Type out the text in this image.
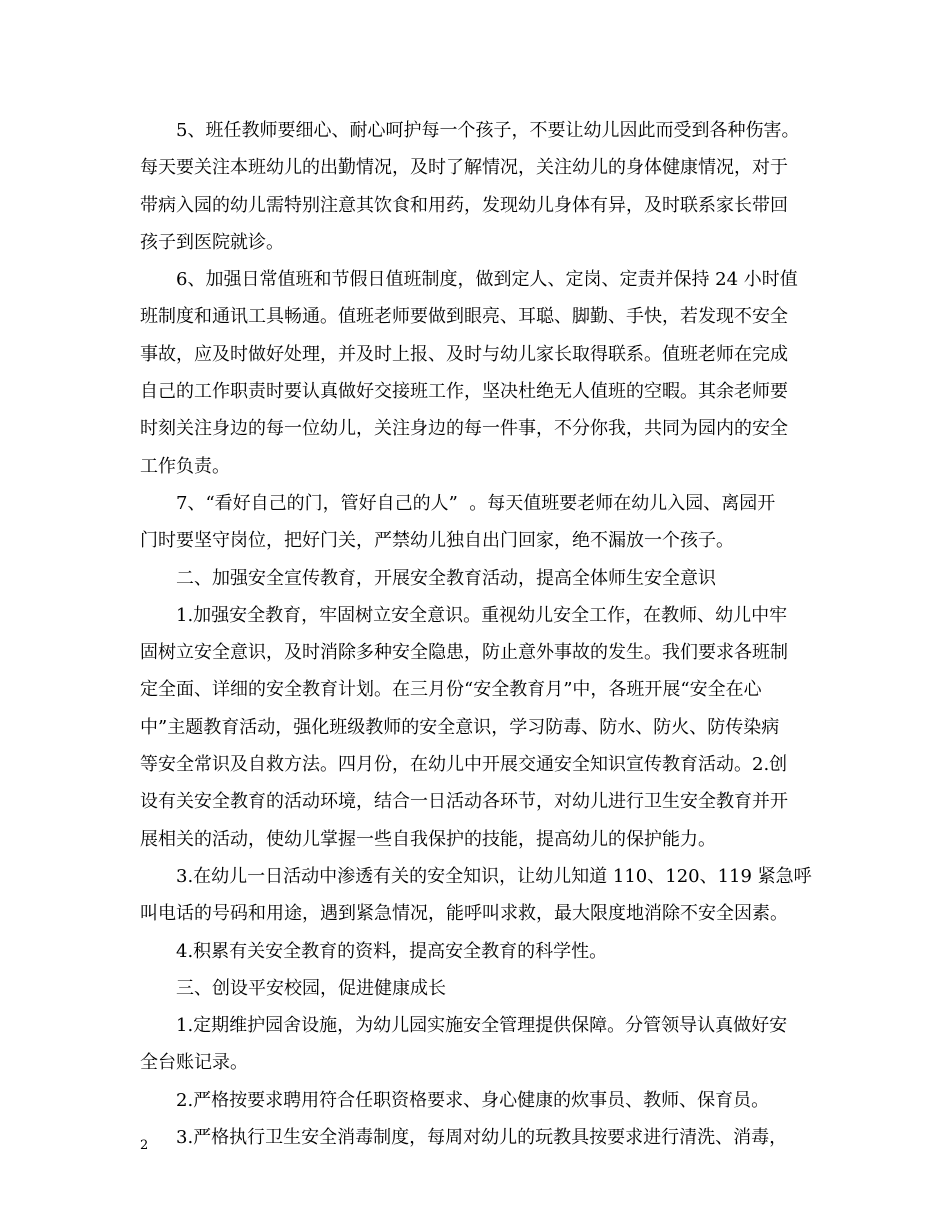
5、班任教师要细心、耐心呵护每一个孩子，不要让幼儿因此而受到各种伤害。
每天要关注本班幼儿的出勤情况，及时了解情况，关注幼儿的身体健康情况，对于
带病入园的幼儿需特别注意其饮食和用药，发现幼儿身体有异，及时联系家长带回
孩子到医院就诊。

6、加强日常值班和节假日值班制度，做到定人、定岗、定责并保持 24 小时值
班制度和通讯工具畅通。值班老师要做到眼亮、耳聪、脚勤、手快，若发现不安全
事故，应及时做好处理，并及时上报、及时与幼儿家长取得联系。值班老师在完成
自己的工作职责时要认真做好交接班工作，坚决杜绝无人值班的空暇。其余老师要
时刻关注身边的每一位幼儿，关注身边的每一件事，不分你我，共同为园内的安全
工作负责。

7、“看好自己的门，管好自己的人”  。每天值班要老师在幼儿入园、离园开
门时要坚守岗位，把好门关，严禁幼儿独自出门回家，绝不漏放一个孩子。

二、加强安全宣传教育，开展安全教育活动，提高全体师生安全意识

1.加强安全教育，牢固树立安全意识。重视幼儿安全工作，在教师、幼儿中牢
固树立安全意识，及时消除多种安全隐患，防止意外事故的发生。我们要求各班制
定全面、详细的安全教育计划。在三月份“安全教育月”中，各班开展“安全在心
中”主题教育活动，强化班级教师的安全意识，学习防毒、防水、防火、防传染病
等安全常识及自救方法。四月份，在幼儿中开展交通安全知识宣传教育活动。2.创
设有关安全教育的活动环境，结合一日活动各环节，对幼儿进行卫生安全教育并开
展相关的活动，使幼儿掌握一些自我保护的技能，提高幼儿的保护能力。

3.在幼儿一日活动中渗透有关的安全知识，让幼儿知道 110、120、119 紧急呼
叫电话的号码和用途，遇到紧急情况，能呼叫求救，最大限度地消除不安全因素。

4.积累有关安全教育的资料，提高安全教育的科学性。

三、创设平安校园，促进健康成长

1.定期维护园舍设施，为幼儿园实施安全管理提供保障。分管领导认真做好安
全台账记录。

2.严格按要求聘用符合任职资格要求、身心健康的炊事员、教师、保育员。

3.严格执行卫生安全消毒制度，每周对幼儿的玩教具按要求进行清洗、消毒，

2
